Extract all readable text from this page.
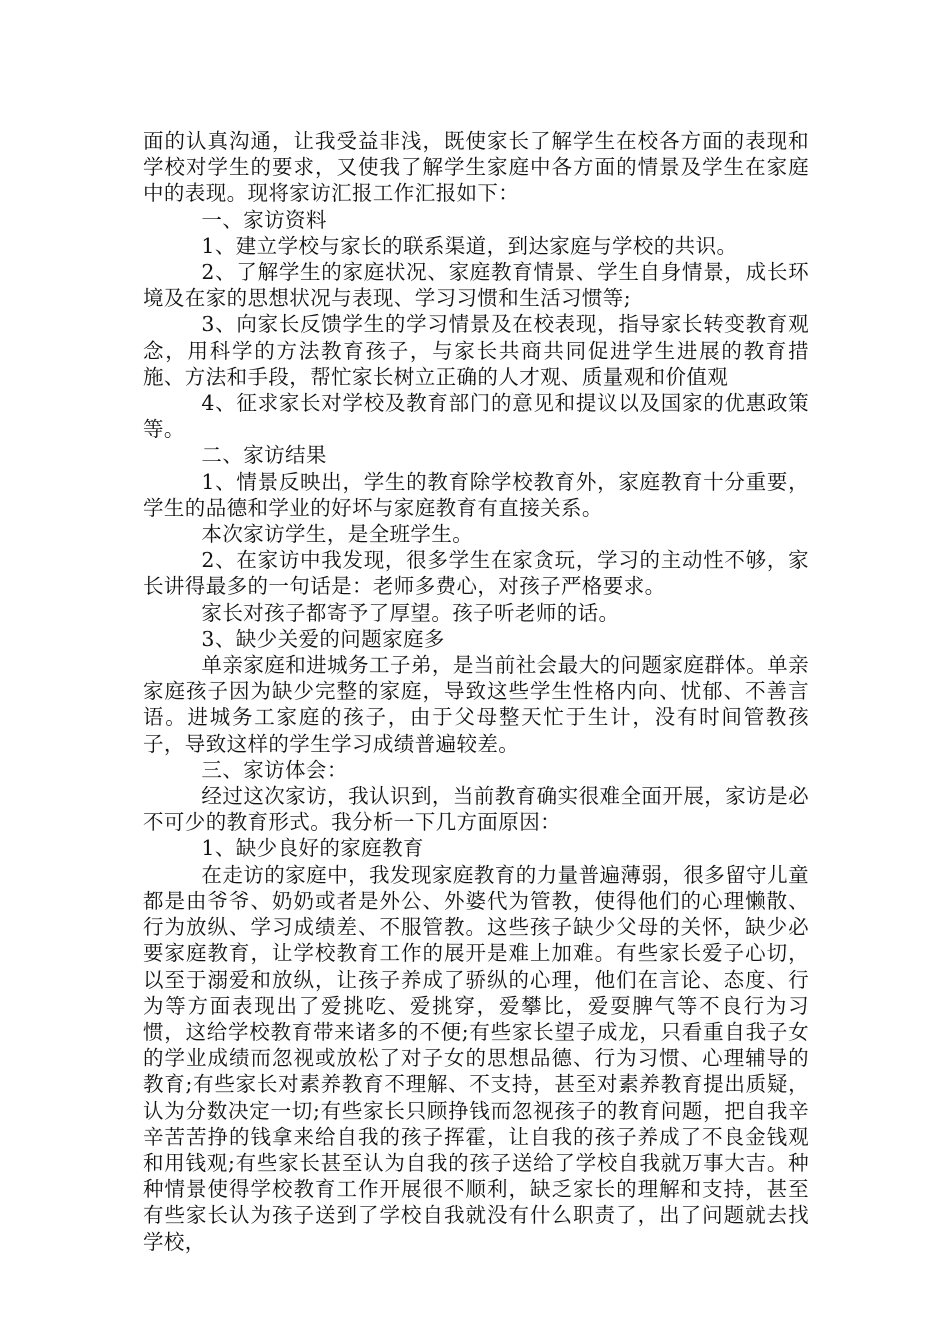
面的认真沟通，让我受益非浅，既使家长了解学生在校各方面的表现和学校对学生的要求，又使我了解学生家庭中各方面的情景及学生在家庭中的表现。现将家访汇报工作汇报如下：

一、家访资料

1、建立学校与家长的联系渠道，到达家庭与学校的共识。

2、了解学生的家庭状况、家庭教育情景、学生自身情景，成长环境及在家的思想状况与表现、学习习惯和生活习惯等;

3、向家长反馈学生的学习情景及在校表现，指导家长转变教育观念，用科学的方法教育孩子，与家长共商共同促进学生进展的教育措施、方法和手段，帮忙家长树立正确的人才观、质量观和价值观

4、征求家长对学校及教育部门的意见和提议以及国家的优惠政策等。

二、家访结果

1、情景反映出，学生的教育除学校教育外，家庭教育十分重要，学生的品德和学业的好坏与家庭教育有直接关系。

本次家访学生，是全班学生。

2、在家访中我发现，很多学生在家贪玩，学习的主动性不够，家长讲得最多的一句话是：老师多费心，对孩子严格要求。

家长对孩子都寄予了厚望。孩子听老师的话。

3、缺少关爱的问题家庭多

单亲家庭和进城务工子弟，是当前社会最大的问题家庭群体。单亲家庭孩子因为缺少完整的家庭，导致这些学生性格内向、忧郁、不善言语。进城务工家庭的孩子，由于父母整天忙于生计，没有时间管教孩子，导致这样的学生学习成绩普遍较差。

三、家访体会：

经过这次家访，我认识到，当前教育确实很难全面开展，家访是必不可少的教育形式。我分析一下几方面原因：

1、缺少良好的家庭教育

在走访的家庭中，我发现家庭教育的力量普遍薄弱，很多留守儿童都是由爷爷、奶奶或者是外公、外婆代为管教，使得他们的心理懒散、行为放纵、学习成绩差、不服管教。这些孩子缺少父母的关怀，缺少必要家庭教育，让学校教育工作的展开是难上加难。有些家长爱子心切，以至于溺爱和放纵，让孩子养成了骄纵的心理，他们在言论、态度、行为等方面表现出了爱挑吃、爱挑穿，爱攀比，爱耍脾气等不良行为习惯，这给学校教育带来诸多的不便;有些家长望子成龙，只看重自我子女的学业成绩而忽视或放松了对子女的思想品德、行为习惯、心理辅导的教育;有些家长对素养教育不理解、不支持，甚至对素养教育提出质疑，认为分数决定一切;有些家长只顾挣钱而忽视孩子的教育问题，把自我辛辛苦苦挣的钱拿来给自我的孩子挥霍，让自我的孩子养成了不良金钱观和用钱观;有些家长甚至认为自我的孩子送给了学校自我就万事大吉。种种情景使得学校教育工作开展很不顺利，缺乏家长的理解和支持，甚至有些家长认为孩子送到了学校自我就没有什么职责了，出了问题就去找学校，
